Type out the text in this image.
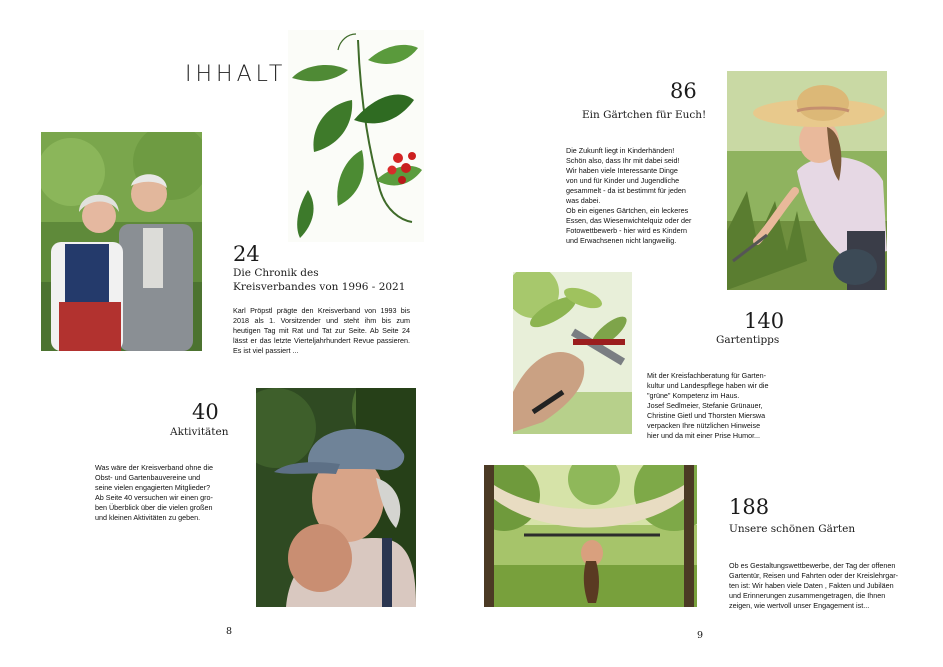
IHHALT
24
Die Chronik des
Kreisverbandes von 1996 - 2021
Karl Pröpstl prägte den Kreisverband von 1993 bis 2018 als 1. Vorsitzender und steht ihm bis zum heutigen Tag mit Rat und Tat zur Seite. Ab Seite 24 lässt er das letzte Vierteljahrhundert Revue passieren. Es ist viel passiert ...
40
Aktivitäten
Was wäre der Kreisverband ohne die
Obst- und Gartenbauvereine und
seine vielen engagierten Mitglieder?
Ab Seite 40 versuchen wir einen gro-
ben Überblick über die vielen großen
und kleinen Aktivitäten zu geben.
86
Ein Gärtchen für Euch!
Die Zukunft liegt in Kinderhänden!
Schön also, dass Ihr mit dabei seid!
Wir haben viele Interessante Dinge
von und für Kinder und Jugendliche
gesammelt - da ist bestimmt für jeden
was dabei.
Ob ein eigenes Gärtchen, ein leckeres
Essen, das Wiesenwichtelquiz oder der
Fotowettbewerb - hier wird es Kindern
und Erwachsenen nicht langweilig.
140
Gartentipps
Mit der Kreisfachberatung für Garten-
kultur und Landespflege haben wir die
"grüne" Kompetenz im Haus.
Josef Sedlmeier, Stefanie Grünauer,
Christine Gietl und Thorsten Mierswa
verpacken Ihre nützlichen Hinweise
hier und da mit einer Prise Humor...
188
Unsere schönen Gärten
Ob es Gestaltungswettbewerbe, der Tag der offenen
Gartentür, Reisen und Fahrten oder der Kreislehrgar-
ten ist: Wir haben viele Daten , Fakten und Jubiläen
und Erinnerungen zusammengetragen, die Ihnen
zeigen, wie wertvoll unser Engagement ist...
8	9
